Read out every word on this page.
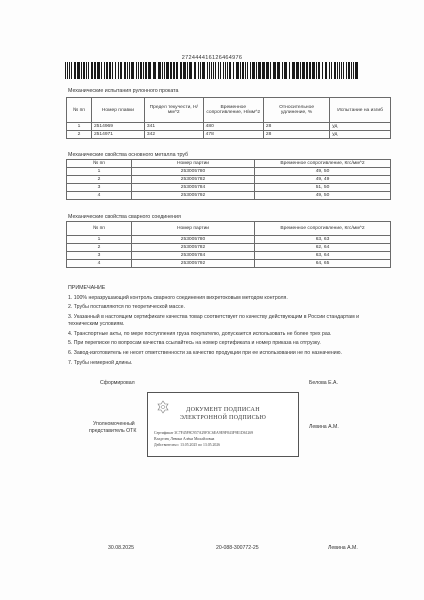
272444416126464976
Механические испытания рулонного проката
№ пп	Номер плавки	Предел текучести, Н/мм^2	Временное сопротивление, Н/мм^2	Относительное удлинение, %	Испытание на изгиб
1	2514969	341	480	28	уд
2	2514971	342	478	28	уд
Механические свойства основного металла труб
№ пп	Номер партии	Временное сопротивление, Кгс/мм^2
1	253005780	49, 50
2	253005782	49, 49
3	253005784	51, 50
4	253005792	49, 50
Механические свойства сварного соединения
№ пп	Номер партии	Временное сопротивление, Кгс/мм^2
1	253005780	63, 63
2	253005782	62, 64
3	253005784	63, 64
4	253005792	64, 65
ПРИМЕЧАНИЕ
1. 100% неразрушающий контроль сварного соединения вихретоковым методом контроля.
2. Трубы поставляются по теоретической массе.
3. Указанный в настоящем сертификате качества товар соответствует по качеству действующим в России стандартам и техническим условиям.
4. Транспортные акты, по мере поступления груза покупателю, допускается использовать не более трех раз.
5. При переписке по вопросам качества ссылайтесь на номер сертификата и номер приказа на отгрузку.
6. Завод-изготовитель не несет ответственности за качество продукции при ее использовании не по назначению.
7. Трубы немерной длины.
Сформировал	Белова Е.А.
Уполномоченный
представитель ОТК
Левина А.М.
ДОКУМЕНТ ПОДПИСАН
ЭЛЕКТРОННОЙ ПОДПИСЬЮ
Сертификат 3C7F45F8C957A29F3C6EA9E9F843F9E1D61269
Владелец Левина Алёна Михайловна
Действителен с 13.05.2025 по 13.05.2026
30.08.2025	20-088-300772-25	Левина А.М.
